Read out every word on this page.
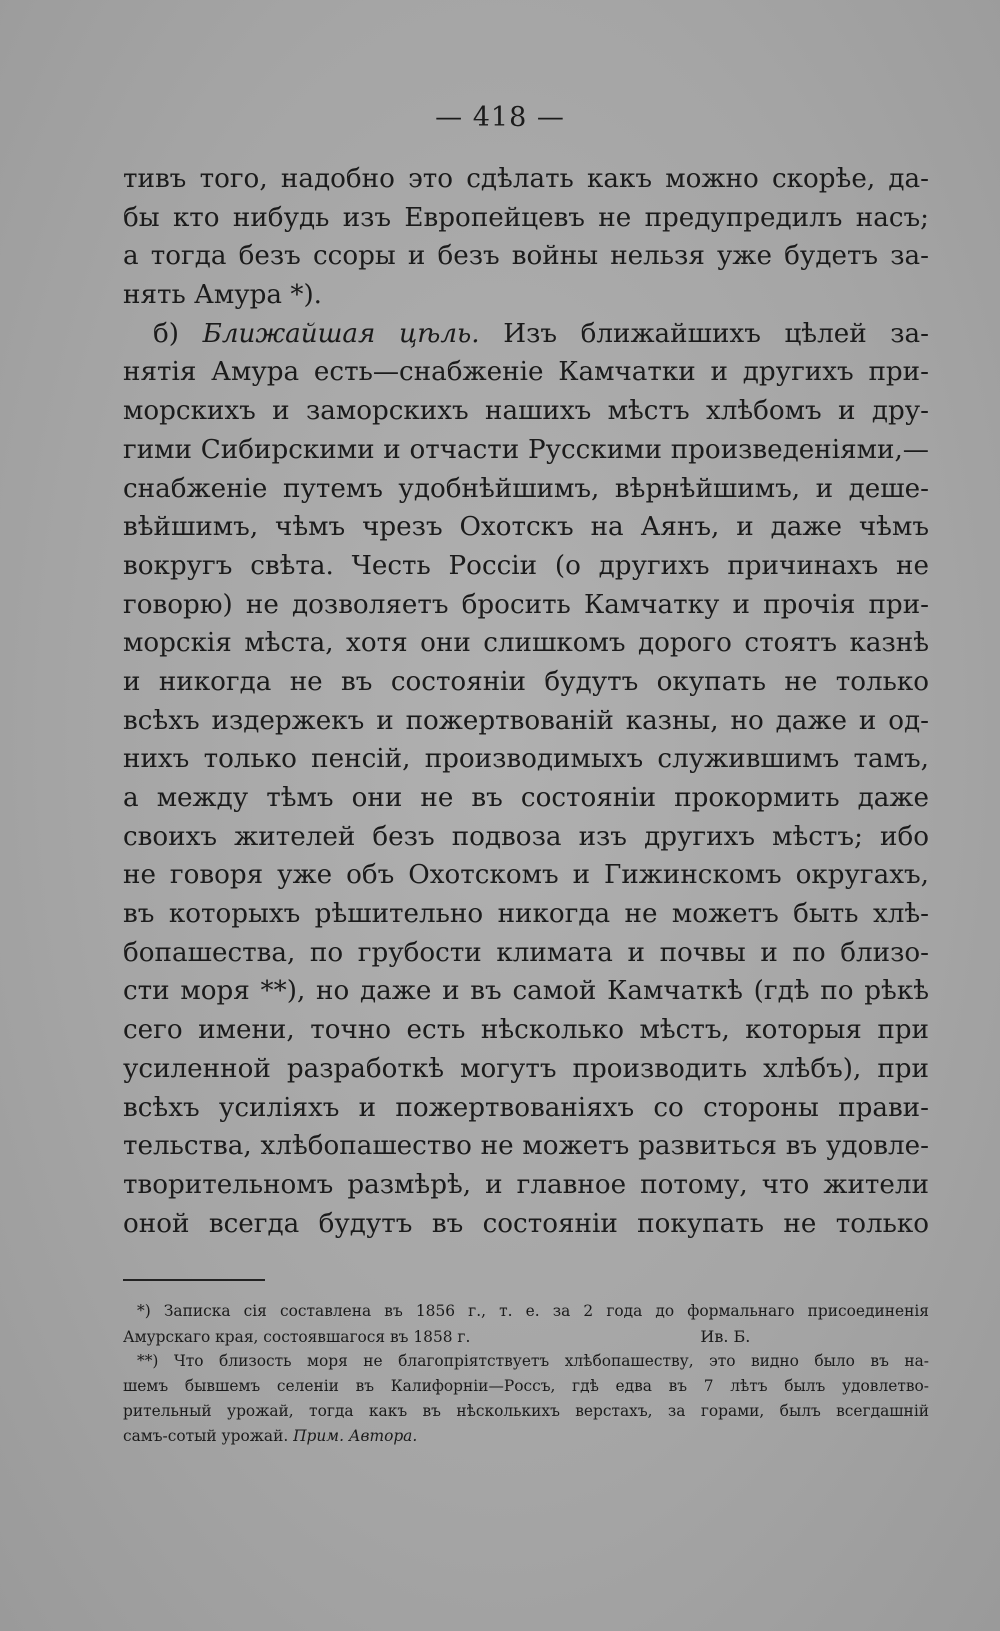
— 418 —
тивъ того, надобно это сдѣлать какъ можно скорѣе, да-
бы кто нибудь изъ Европейцевъ не предупредилъ насъ;
а тогда безъ ссоры и безъ войны нельзя уже будетъ за-
нять Амура *).
б) Ближайшая цѣль. Изъ ближайшихъ цѣлей за-
нятія Амура есть—снабженіе Камчатки и другихъ при-
морскихъ и заморскихъ нашихъ мѣстъ хлѣбомъ и дру-
гими Сибирскими и отчасти Русскими произведеніями,—
снабженіе путемъ удобнѣйшимъ, вѣрнѣйшимъ, и деше-
вѣйшимъ, чѣмъ чрезъ Охотскъ на Аянъ, и даже чѣмъ
вокругъ свѣта. Честь Россіи (о другихъ причинахъ не
говорю) не дозволяетъ бросить Камчатку и прочія при-
морскія мѣста, хотя они слишкомъ дорого стоятъ казнѣ
и никогда не въ состояніи будутъ окупать не только
всѣхъ издержекъ и пожертвованій казны, но даже и од-
нихъ только пенсій, производимыхъ служившимъ тамъ,
а между тѣмъ они не въ состояніи прокормить даже
своихъ жителей безъ подвоза изъ другихъ мѣстъ; ибо
не говоря уже объ Охотскомъ и Гижинскомъ округахъ,
въ которыхъ рѣшительно никогда не можетъ быть хлѣ-
бопашества, по грубости климата и почвы и по близо-
сти моря **), но даже и въ самой Камчаткѣ (гдѣ по рѣкѣ
сего имени, точно есть нѣсколько мѣстъ, которыя при
усиленной разработкѣ могутъ производить хлѣбъ), при
всѣхъ усиліяхъ и пожертвованіяхъ со стороны прави-
тельства, хлѣбопашество не можетъ развиться въ удовле-
творительномъ размѣрѣ, и главное потому, что жители
оной всегда будутъ въ состояніи покупать не только
*) Записка сія составлена въ 1856 г., т. е. за 2 года до формальнаго присоединенія
Амурскаго края, состоявшагося въ 1858 г.	Ив. Б.
**) Что близость моря не благопріятствуетъ хлѣбопашеству, это видно было въ на-
шемъ бывшемъ селеніи въ Калифорніи—Россъ, гдѣ едва въ 7 лѣтъ былъ удовлетво-
рительный урожай, тогда какъ въ нѣсколькихъ верстахъ, за горами, былъ всегдашній
самъ-сотый урожай. Прим. Автора.
